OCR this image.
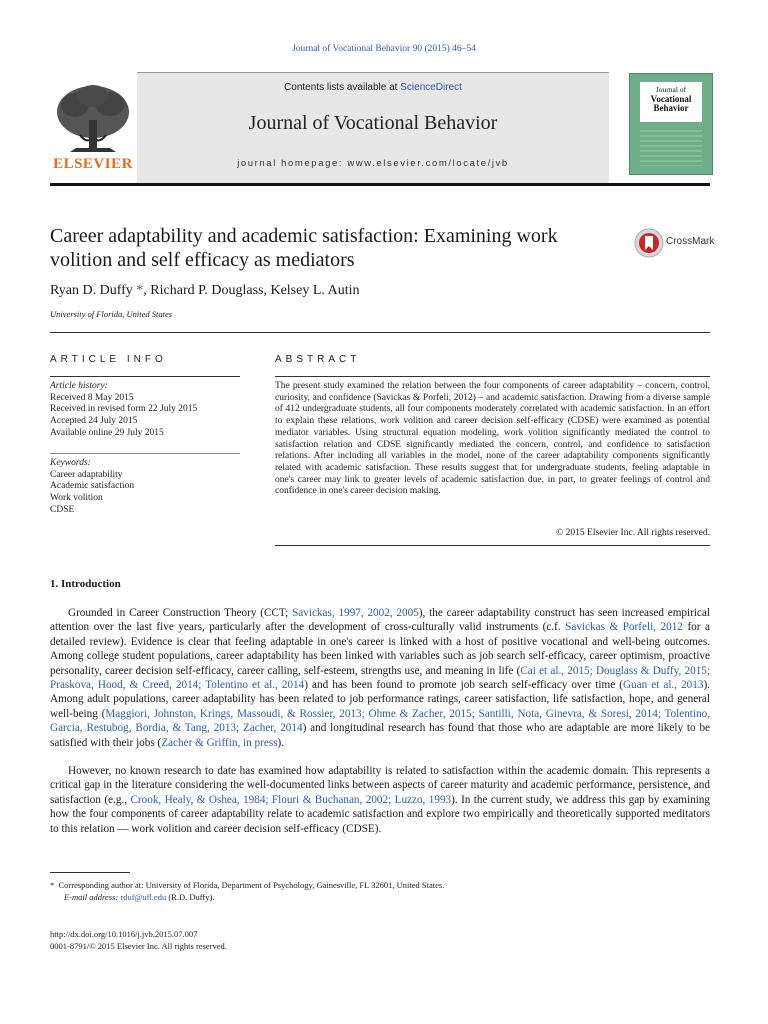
Journal of Vocational Behavior 90 (2015) 46–54
Contents lists available at ScienceDirect
Journal of Vocational Behavior
journal homepage: www.elsevier.com/locate/jvb
ELSEVIER
Journal of
Vocational
Behavior
Career adaptability and academic satisfaction: Examining work volition and self efficacy as mediators
CrossMark
Ryan D. Duffy *, Richard P. Douglass, Kelsey L. Autin
University of Florida, United States
ARTICLE INFO
Article history:
Received 8 May 2015
Received in revised form 22 July 2015
Accepted 24 July 2015
Available online 29 July 2015
Keywords:
Career adaptability
Academic satisfaction
Work volition
CDSE
ABSTRACT
The present study examined the relation between the four components of career adaptability – concern, control, curiosity, and confidence (Savickas & Porfeli, 2012) – and academic satisfaction. Drawing from a diverse sample of 412 undergraduate students, all four components moderately correlated with academic satisfaction. In an effort to explain these relations, work volition and career decision self-efficacy (CDSE) were examined as potential mediator variables. Using structural equation modeling, work volition significantly mediated the control to satisfaction relation and CDSE significantly mediated the concern, control, and confidence to satisfaction relations. After including all variables in the model, none of the career adaptability components significantly related with academic satisfaction. These results suggest that for undergraduate students, feeling adaptable in one's career may link to greater levels of academic satisfaction due, in part, to greater feelings of control and confidence in one's career decision making.
© 2015 Elsevier Inc. All rights reserved.
1. Introduction

Grounded in Career Construction Theory (CCT; Savickas, 1997, 2002, 2005), the career adaptability construct has seen increased empirical attention over the last five years, particularly after the development of cross-culturally valid instruments (c.f. Savickas & Porfeli, 2012 for a detailed review). Evidence is clear that feeling adaptable in one's career is linked with a host of positive vocational and well-being outcomes. Among college student populations, career adaptability has been linked with variables such as job search self-efficacy, career optimism, proactive personality, career decision self-efficacy, career calling, self-esteem, strengths use, and meaning in life (Cai et al., 2015; Douglass & Duffy, 2015; Praskova, Hood, & Creed, 2014; Tolentino et al., 2014) and has been found to promote job search self-efficacy over time (Guan et al., 2013). Among adult populations, career adaptability has been related to job performance ratings, career satisfaction, life satisfaction, hope, and general well-being (Maggiori, Johnston, Krings, Massoudi, & Rossier, 2013; Ohme & Zacher, 2015; Santilli, Nota, Ginevra, & Soresi, 2014; Tolentino, Garcia, Restubog, Bordia, & Tang, 2013; Zacher, 2014) and longitudinal research has found that those who are adaptable are more likely to be satisfied with their jobs (Zacher & Griffin, in press).

However, no known research to date has examined how adaptability is related to satisfaction within the academic domain. This represents a critical gap in the literature considering the well-documented links between aspects of career maturity and academic performance, persistence, and satisfaction (e.g., Crook, Healy, & Oshea, 1984; Flouri & Buchanan, 2002; Luzzo, 1993). In the current study, we address this gap by examining how the four components of career adaptability relate to academic satisfaction and explore two empirically and theoretically supported meditators to this relation — work volition and career decision self-efficacy (CDSE).

* Corresponding author at: University of Florida, Department of Psychology, Gainesville, FL 32601, United States.
E-mail address: rduf@ufl.edu (R.D. Duffy).
http://dx.doi.org/10.1016/j.jvb.2015.07.007
0001-8791/© 2015 Elsevier Inc. All rights reserved.
